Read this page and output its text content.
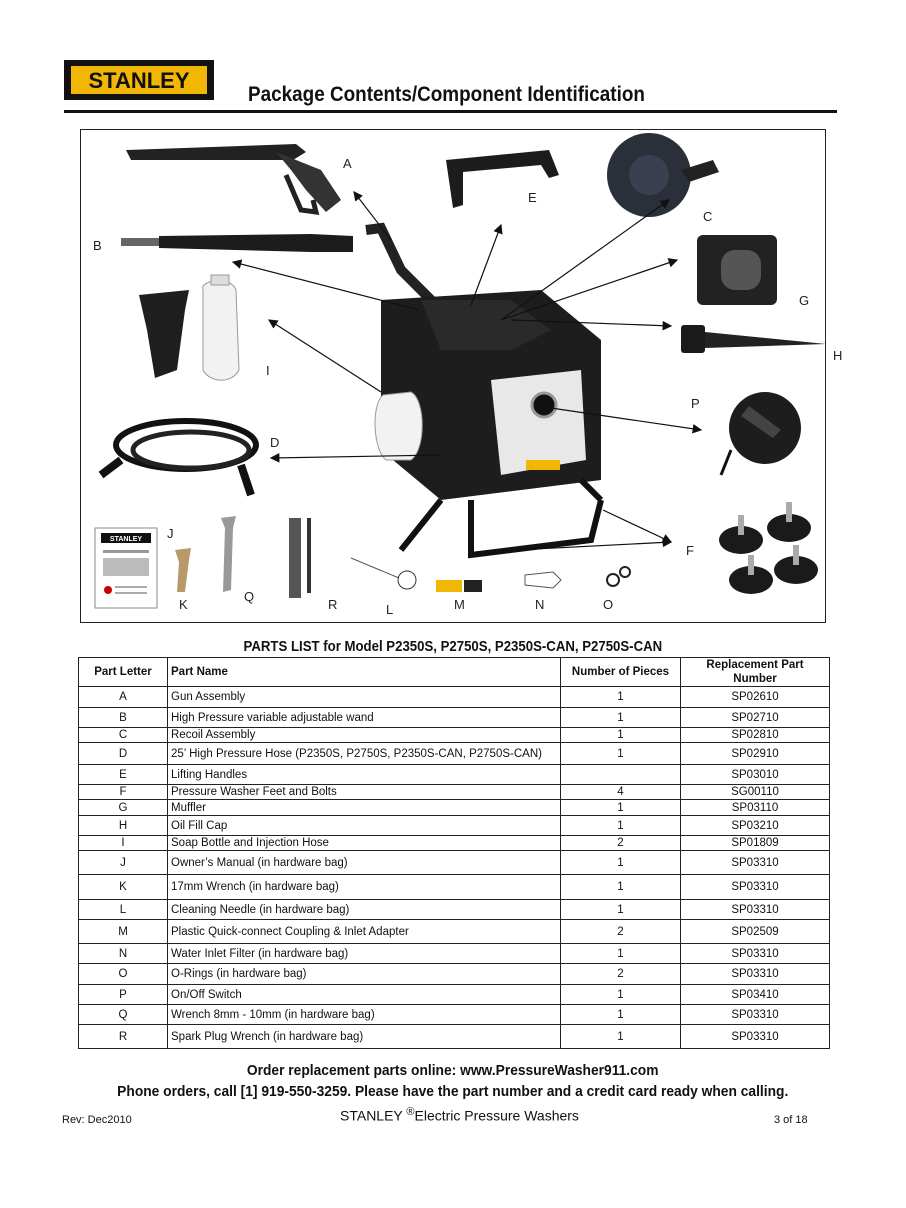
STANLEY
Package Contents/Component Identification
STANLEY
A
B
C
D
E
F
G
H
I
J
K	L	M	N	O
P
Q
R
PARTS LIST for Model P2350S, P2750S, P2350S-CAN, P2750S-CAN
Part Letter	Part Name	Number of Pieces	Replacement Part Number
A	Gun Assembly	1	SP02610
B	High Pressure variable adjustable wand	1	SP02710
C	Recoil Assembly	1	SP02810
D	25’ High Pressure Hose (P2350S, P2750S, P2350S-CAN, P2750S-CAN)	1	SP02910
E	Lifting Handles		SP03010
F	Pressure Washer Feet and Bolts	4	SG00110
G	Muffler	1	SP03110
H	Oil Fill Cap	1	SP03210
I	Soap Bottle and Injection Hose	2	SP01809
J	Owner’s Manual (in hardware bag)	1	SP03310
K	17mm Wrench (in hardware bag)	1	SP03310
L	Cleaning Needle (in hardware bag)	1	SP03310
M	Plastic Quick-connect Coupling & Inlet Adapter	2	SP02509
N	Water Inlet Filter (in hardware bag)	1	SP03310
O	O-Rings (in hardware bag)	2	SP03310
P	On/Off Switch	1	SP03410
Q	Wrench 8mm - 10mm (in hardware bag)	1	SP03310
R	Spark Plug Wrench (in hardware bag)	1	SP03310
Order replacement parts online: www.PressureWasher911.com
Phone orders, call [1] 919-550-3259. Please have the part number and a credit card ready when calling.
Rev: Dec2010	STANLEY ®Electric Pressure Washers	3 of 18
